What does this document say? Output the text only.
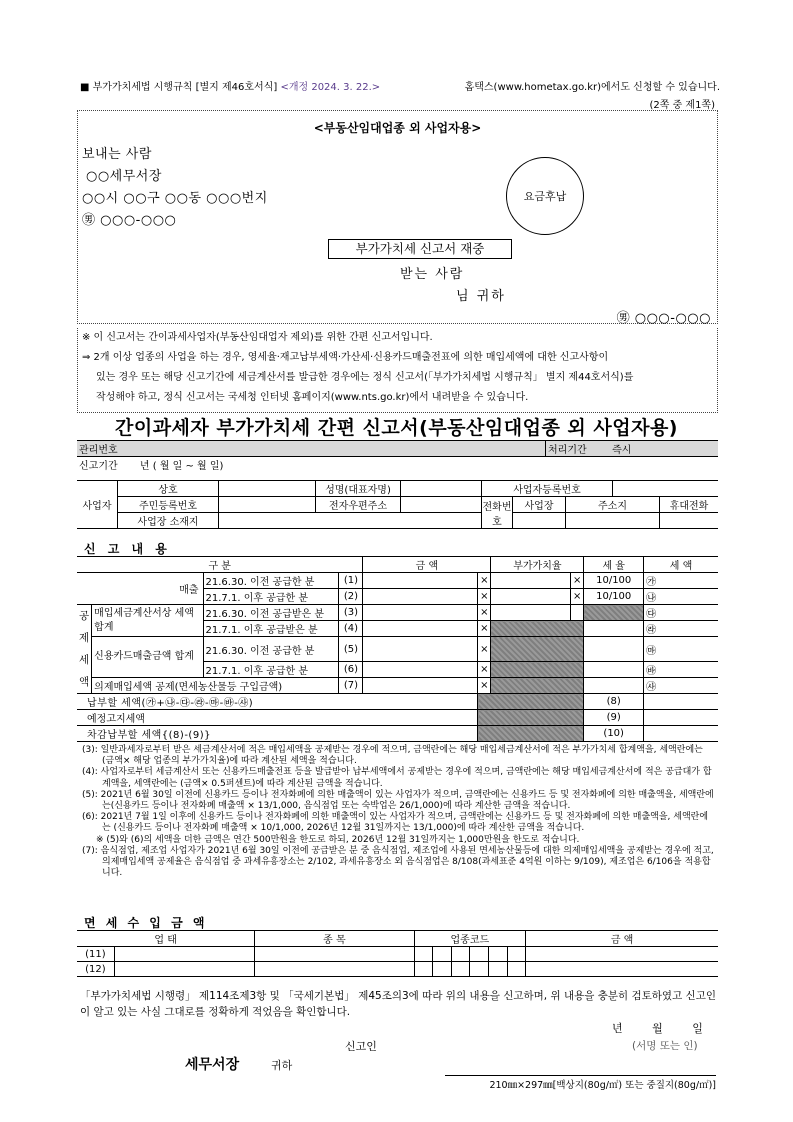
■ 부가가치세법 시행규칙 [별지 제46호서식] <개정 2024. 3. 22.>	홈택스(www.hometax.go.kr)에서도 신청할 수 있습니다.
(2쪽 중 제1쪽)
<부동산임대업종 외 사업자용>
보내는 사람
○○세무서장
○○시 ○○구 ○○동 ○○○번지
㊚ ○○○-○○○
요금후납
부가가치세 신고서 재중
받는 사람
님 귀하
㊚ ○○○-○○○

※ 이 신고서는 간이과세사업자(부동산임대업자 제외)를 위한 간편 신고서입니다.

⇒ 2개 이상 업종의 사업을 하는 경우, 영세율·재고납부세액·가산세·신용카드매출전표에 의한 매입세액에 대한 신고사항이

있는 경우 또는 해당 신고기간에 세금계산서를 발급한 경우에는 정식 신고서(「부가가치세법 시행규칙」 별지 제44호서식)를

작성해야 하고, 정식 신고서는 국세청 인터넷 홈페이지(www.nts.go.kr)에서 내려받을 수 있습니다.

간이과세자 부가가치세 간편 신고서(부동산임대업종 외 사업자용)
관리번호	처리기간	즉시
신고기간 년 ( 월 일 ~ 월 일)
사업자	상호		성명(대표자명)		사업자등록번호				
	주민등록번호		전자우편주소		전화번호	사업장	주소지		휴대전화
	사업장 소재지								
신 고 내 용
구 분				금 액		부가가치율		세 율	세 액
매출		21.6.30. 이전 공급한 분	(1)		×		×	10/100	㉮
		21.7.1. 이후 공급한 분	(2)		×		×	10/100	㉯
공제세액	매입세금계산서상 세액 합계	21.6.30. 이전 공급받은 분	(3)		×				㉰
		21.7.1. 이후 공급받은 분	(4)		×				㉱
	신용카드매출금액 합계	21.6.30. 이전 공급한 분	(5)		×				㉲
		21.7.1. 이후 공급한 분	(6)		×				㉳
	의제매입세액 공제(면세농산물등 구입금액)		(7)		×				㉴
납부할 세액(㉮+㉯-㉰-㉱-㉲-㉳-㉴)								(8)	
예정고지세액								(9)	
차감납부할 세액{(8)-(9)}								(10)	

(3): 일반과세자로부터 받은 세금계산서에 적은 매입세액을 공제받는 경우에 적으며, 금액란에는 해당 매입세금계산서에 적은 부가가치세 합계액을, 세액란에는 (금액× 해당 업종의 부가가치율)에 따라 계산된 세액을 적습니다.

(4): 사업자로부터 세금계산서 또는 신용카드매출전표 등을 발급받아 납부세액에서 공제받는 경우에 적으며, 금액란에는 해당 매입세금계산서에 적은 공급대가 합계액을, 세액란에는 (금액× 0.5퍼센트)에 따라 계산된 금액을 적습니다.

(5): 2021년 6월 30일 이전에 신용카드 등이나 전자화폐에 의한 매출액이 있는 사업자가 적으며, 금액란에는 신용카드 등 및 전자화폐에 의한 매출액을, 세액란에는(신용카드 등이나 전자화폐 매출액 × 13/1,000, 음식점업 또는 숙박업은 26/1,000)에 따라 계산한 금액을 적습니다.

(6): 2021년 7월 1일 이후에 신용카드 등이나 전자화폐에 의한 매출액이 있는 사업자가 적으며, 금액란에는 신용카드 등 및 전자화폐에 의한 매출액을, 세액란에는 (신용카드 등이나 전자화폐 매출액 × 10/1,000, 2026년 12월 31일까지는 13/1,000)에 따라 계산한 금액을 적습니다.

※ (5)와 (6)의 세액을 더한 금액은 연간 500만원을 한도로 하되, 2026년 12월 31일까지는 1,000만원을 한도로 적습니다.

(7): 음식점업, 제조업 사업자가 2021년 6월 30일 이전에 공급받은 분 중 음식점업, 제조업에 사용된 면세농산물등에 대한 의제매입세액을 공제받는 경우에 적고, 의제매입세액 공제율은 음식점업 중 과세유흥장소는 2/102, 과세유흥장소 외 음식점업은 8/108(과세표준 4억원 이하는 9/109), 제조업은 6/106을 적용합니다.

면 세 수 입 금 액
업 태		종 목	업종코드						금 액
(11)									
(12)									
「부가가치세법 시행령」 제114조제3항 및 「국세기본법」 제45조의3에 따라 위의 내용을 신고하며, 위 내용을 충분히 검토하였고 신고인이 알고 있는 사실 그대로를 정확하게 적었음을 확인합니다.
년 월 일
신고인	(서명 또는 인)
세무서장	귀하
210㎜×297㎜[백상지(80g/㎡) 또는 중질지(80g/㎡)]
